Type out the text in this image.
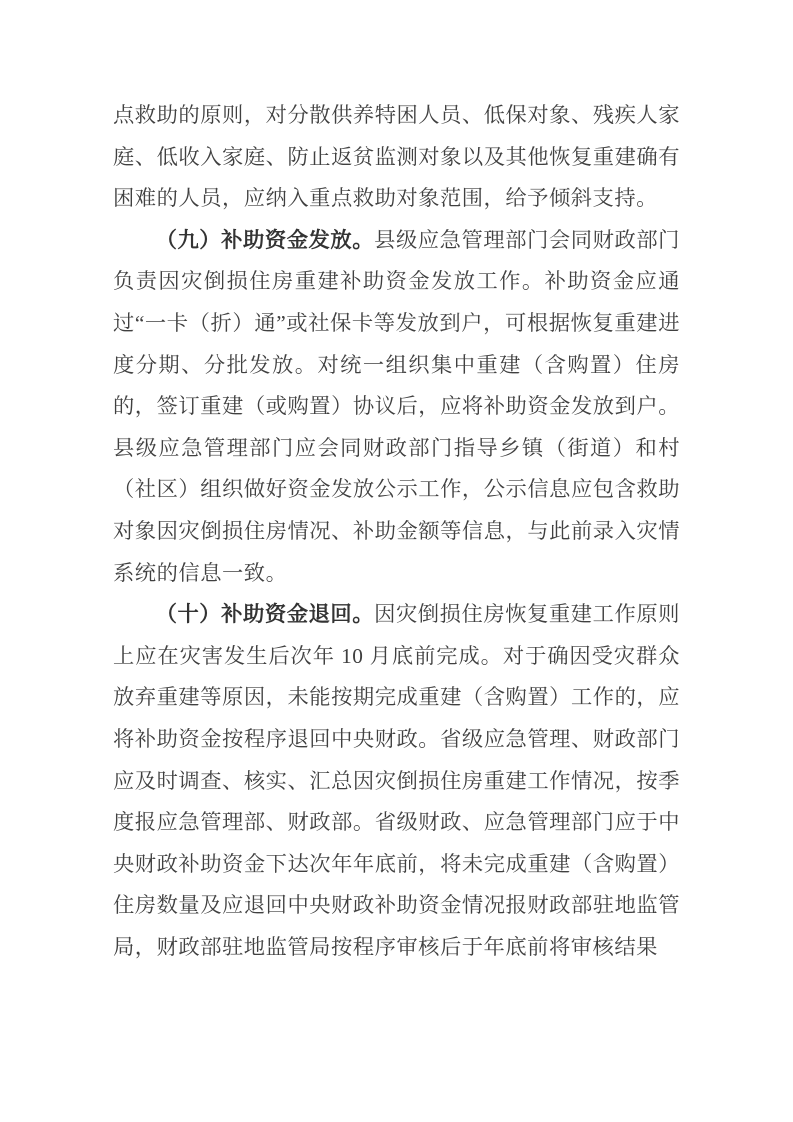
点救助的原则，对分散供养特困人员、低保对象、残疾人家庭、低收入家庭、防止返贫监测对象以及其他恢复重建确有困难的人员，应纳入重点救助对象范围，给予倾斜支持。

（九）补助资金发放。县级应急管理部门会同财政部门负责因灾倒损住房重建补助资金发放工作。补助资金应通过“一卡（折）通”或社保卡等发放到户，可根据恢复重建进度分期、分批发放。对统一组织集中重建（含购置）住房的，签订重建（或购置）协议后，应将补助资金发放到户。县级应急管理部门应会同财政部门指导乡镇（街道）和村（社区）组织做好资金发放公示工作，公示信息应包含救助对象因灾倒损住房情况、补助金额等信息，与此前录入灾情系统的信息一致。

（十）补助资金退回。因灾倒损住房恢复重建工作原则上应在灾害发生后次年 10 月底前完成。对于确因受灾群众放弃重建等原因，未能按期完成重建（含购置）工作的，应将补助资金按程序退回中央财政。省级应急管理、财政部门应及时调查、核实、汇总因灾倒损住房重建工作情况，按季度报应急管理部、财政部。省级财政、应急管理部门应于中央财政补助资金下达次年年底前，将未完成重建（含购置）住房数量及应退回中央财政补助资金情况报财政部驻地监管局，财政部驻地监管局按程序审核后于年底前将审核结果
